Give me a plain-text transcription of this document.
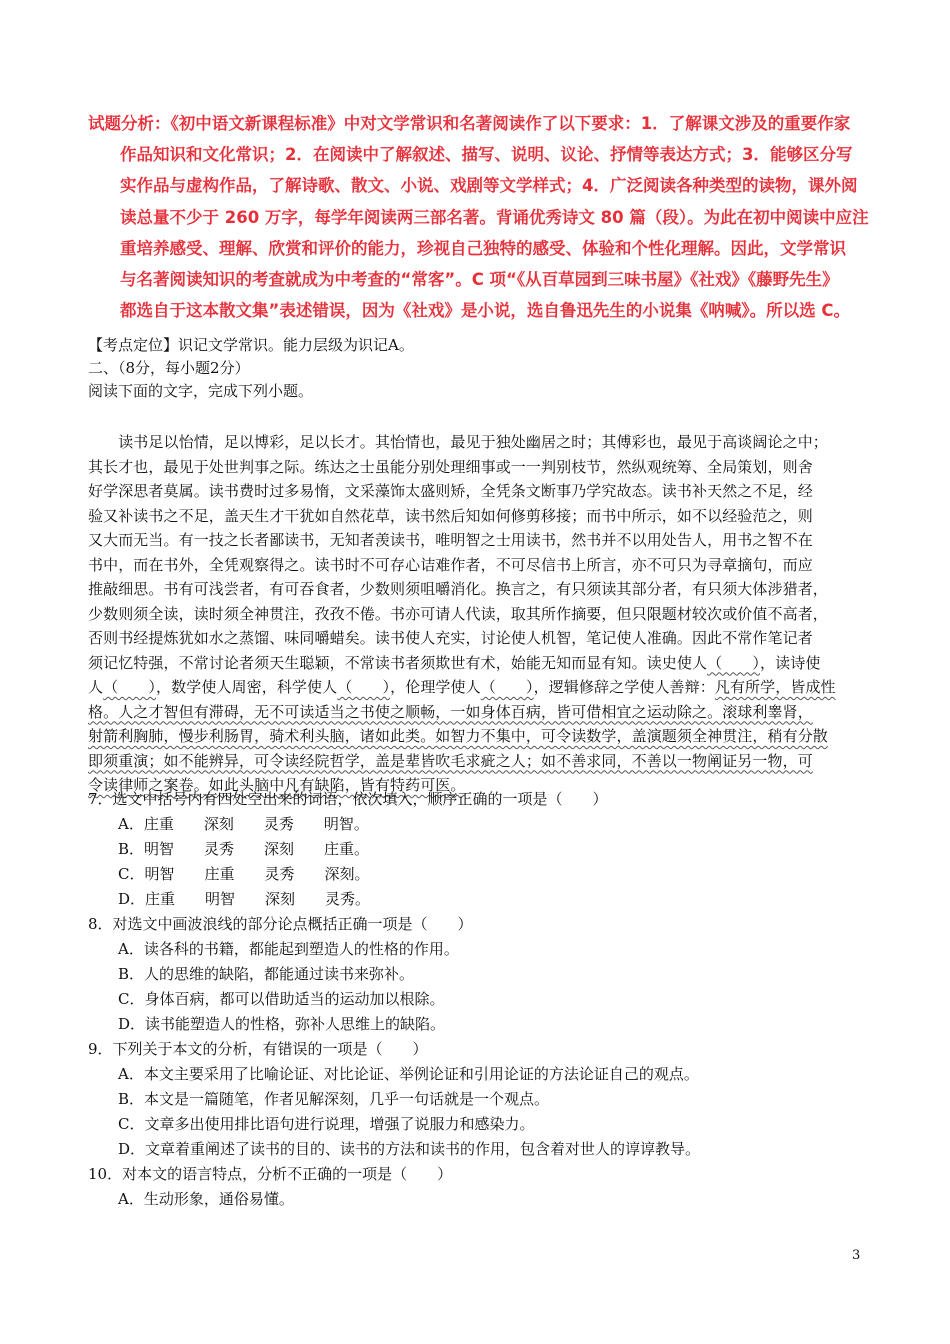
试题分析：《初中语文新课程标准》中对文学常识和名著阅读作了以下要求：1．了解课文涉及的重要作家

作品知识和文化常识；2．在阅读中了解叙述、描写、说明、议论、抒情等表达方式；3．能够区分写

实作品与虚构作品，了解诗歌、散文、小说、戏剧等文学样式；4．广泛阅读各种类型的读物，课外阅

读总量不少于 260 万字，每学年阅读两三部名著。背诵优秀诗文 80 篇（段）。为此在初中阅读中应注

重培养感受、理解、欣赏和评价的能力，珍视自己独特的感受、体验和个性化理解。因此，文学常识

与名著阅读知识的考查就成为中考查的“常客”。C 项“《从百草园到三味书屋》《社戏》《藤野先生》

都选自于这本散文集”表述错误，因为《社戏》是小说，选自鲁迅先生的小说集《呐喊》。所以选 C。

【考点定位】识记文学常识。能力层级为识记A。
二、（8分，每小题2分）
阅读下面的文字，完成下列小题。
　　读书足以怡情，足以博彩，足以长才。其怡情也，最见于独处幽居之时；其傅彩也，最见于高谈阔论之中；
其长才也，最见于处世判事之际。练达之士虽能分别处理细事或一一判别枝节，然纵观统筹、全局策划，则舍
好学深思者莫属。读书费时过多易惰，文采藻饰太盛则矫，全凭条文断事乃学究故态。读书补天然之不足，经
验又补读书之不足，盖天生才干犹如自然花草，读书然后知如何修剪移接；而书中所示，如不以经验范之，则
又大而无当。有一技之长者鄙读书，无知者羡读书，唯明智之士用读书，然书并不以用处告人，用书之智不在
书中，而在书外，全凭观察得之。读书时不可存心诘难作者，不可尽信书上所言，亦不可只为寻章摘句，而应
推敲细思。书有可浅尝者，有可吞食者，少数则须咀嚼消化。换言之，有只须读其部分者，有只须大体涉猎者，
少数则须全读，读时须全神贯注，孜孜不倦。书亦可请人代读，取其所作摘要，但只限题材较次或价值不高者，
否则书经提炼犹如水之蒸馏、味同嚼蜡矣。读书使人充实，讨论使人机智，笔记使人准确。因此不常作笔记者
须记忆特强，不常讨论者须天生聪颖，不常读书者须欺世有术，始能无知而显有知。读史使人（　　），读诗使
人（　　），数学使人周密，科学使人（　　），伦理学使人（　　），逻辑修辞之学使人善辩：凡有所学，皆成性
格。人之才智但有滞碍，无不可读适当之书使之顺畅，一如身体百病，皆可借相宜之运动除之。滚球利睾肾，
射箭利胸肺，慢步利肠胃，骑术利头脑，诸如此类。如智力不集中，可令读数学，盖演题须全神贯注，稍有分散
即须重演；如不能辨异，可令读经院哲学，盖是辈皆吹毛求疵之人；如不善求同，不善以一物阐证另一物，可
令读律师之案卷。如此头脑中凡有缺陷，皆有特药可医。
7．选文中括号内有四处空出来的词语，依次填入，顺序正确的一项是（　　）
A．庄重　　深刻　　灵秀　　明智。
B．明智　　灵秀　　深刻　　庄重。
C．明智　　庄重　　灵秀　　深刻。
D．庄重　　明智　　深刻　　灵秀。
8．对选文中画波浪线的部分论点概括正确一项是（　　）
A．读各科的书籍，都能起到塑造人的性格的作用。
B．人的思维的缺陷，都能通过读书来弥补。
C．身体百病，都可以借助适当的运动加以根除。
D．读书能塑造人的性格，弥补人思维上的缺陷。
9．下列关于本文的分析，有错误的一项是（　　）
A．本文主要采用了比喻论证、对比论证、举例论证和引用论证的方法论证自己的观点。
B．本文是一篇随笔，作者见解深刻，几乎一句话就是一个观点。
C．文章多出使用排比语句进行说理，增强了说服力和感染力。
D．文章着重阐述了读书的目的、读书的方法和读书的作用，包含着对世人的谆谆教导。
10．对本文的语言特点，分析不正确的一项是（　　）
A．生动形象，通俗易懂。
3
